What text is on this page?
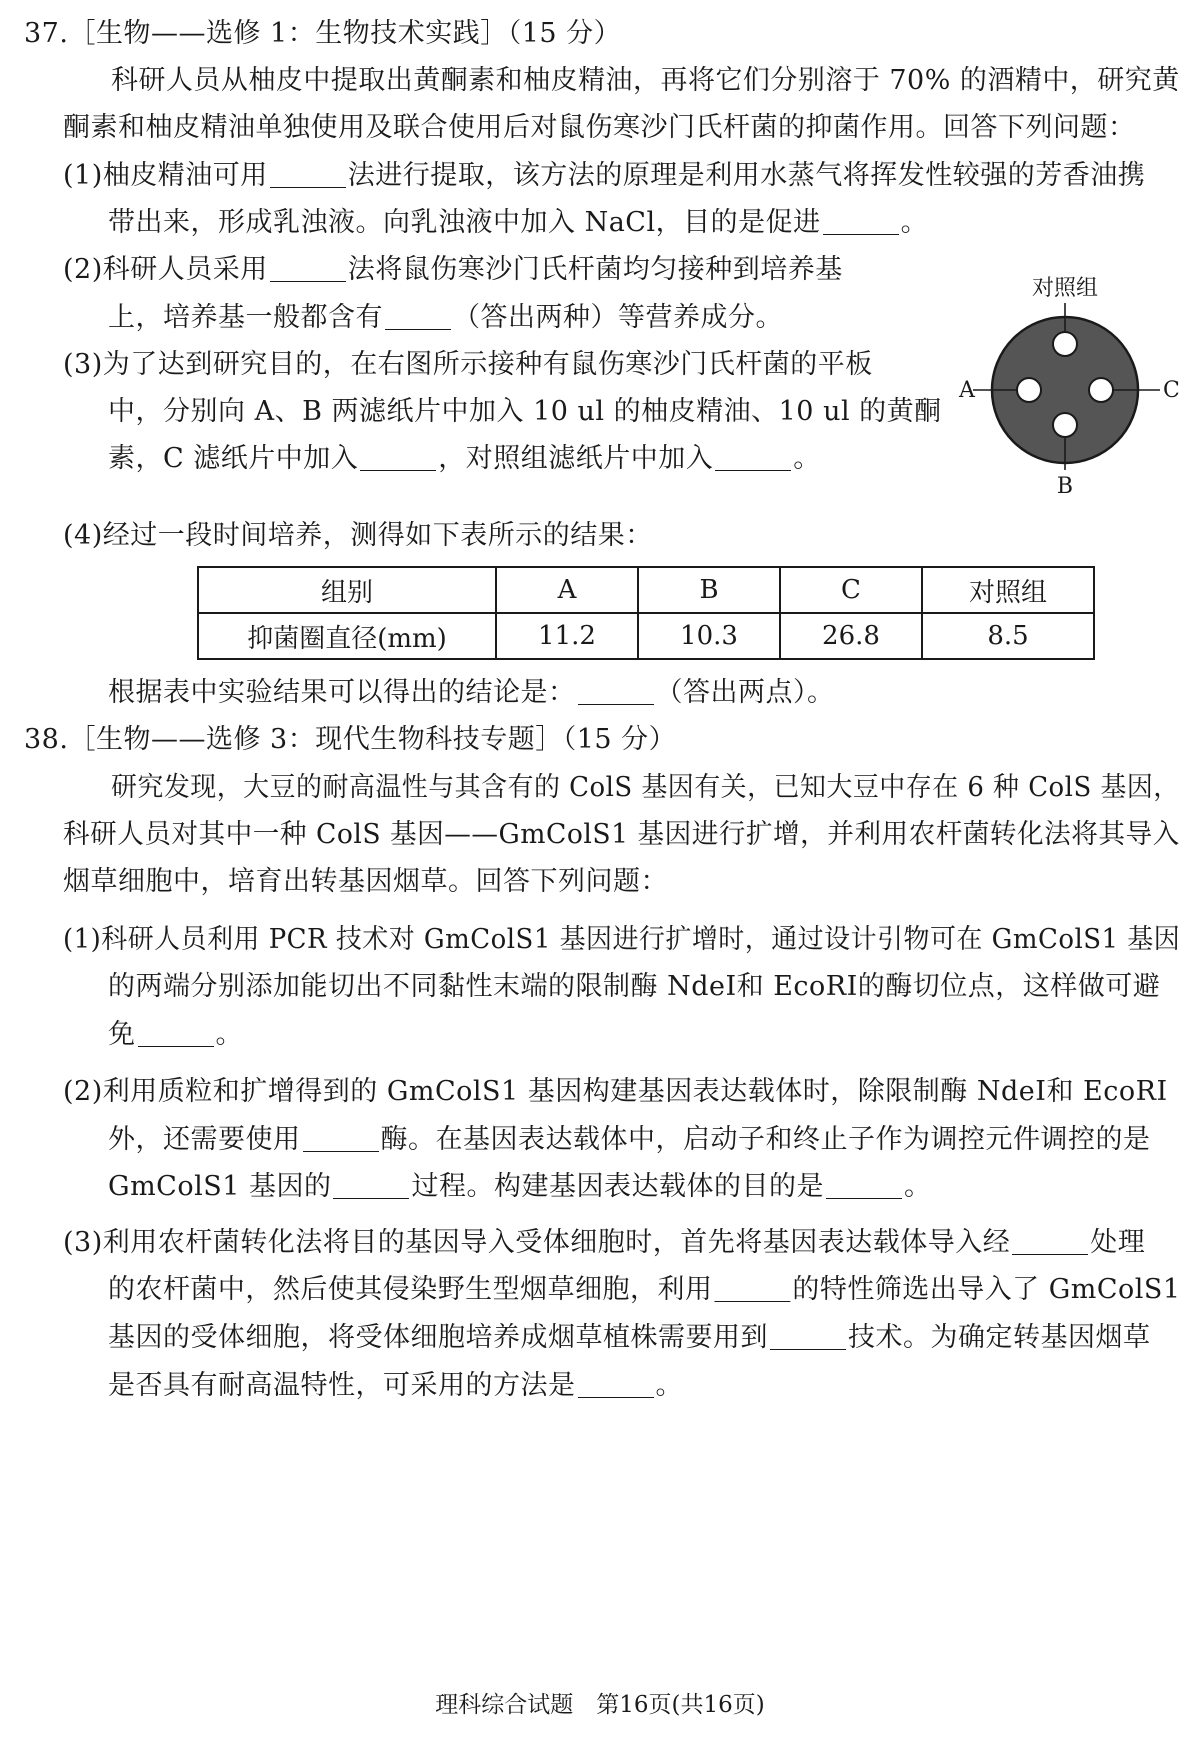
37.［生物——选修 1：生物技术实践］（15 分）
科研人员从柚皮中提取出黄酮素和柚皮精油，再将它们分别溶于 70% 的酒精中，研究黄
酮素和柚皮精油单独使用及联合使用后对鼠伤寒沙门氏杆菌的抑菌作用。回答下列问题：
(1)柚皮精油可用	法进行提取，该方法的原理是利用水蒸气将挥发性较强的芳香油携
带出来，形成乳浊液。向乳浊液中加入 NaCl，目的是促进	。
(2)科研人员采用	法将鼠伤寒沙门氏杆菌均匀接种到培养基
上，培养基一般都含有	（答出两种）等营养成分。
(3)为了达到研究目的，在右图所示接种有鼠伤寒沙门氏杆菌的平板
中，分别向 A、B 两滤纸片中加入 10 ul 的柚皮精油、10 ul 的黄酮
素，C 滤纸片中加入	，对照组滤纸片中加入	。
对照组
A	C
B
(4)经过一段时间培养，测得如下表所示的结果：
组别	A	B	C	对照组
抑菌圈直径(mm)	11.2	10.3	26.8	8.5
根据表中实验结果可以得出的结论是：	（答出两点）。
38.［生物——选修 3：现代生物科技专题］（15 分）
研究发现，大豆的耐高温性与其含有的 ColS 基因有关，已知大豆中存在 6 种 ColS 基因，
科研人员对其中一种 ColS 基因——GmColS1 基因进行扩增，并利用农杆菌转化法将其导入
烟草细胞中，培育出转基因烟草。回答下列问题：
(1)科研人员利用 PCR 技术对 GmColS1 基因进行扩增时，通过设计引物可在 GmColS1 基因
的两端分别添加能切出不同黏性末端的限制酶 NdeⅠ和 EcoRⅠ的酶切位点，这样做可避
免	。
(2)利用质粒和扩增得到的 GmColS1 基因构建基因表达载体时，除限制酶 NdeⅠ和 EcoRⅠ
外，还需要使用	酶。在基因表达载体中，启动子和终止子作为调控元件调控的是
GmColS1 基因的	过程。构建基因表达载体的目的是	。
(3)利用农杆菌转化法将目的基因导入受体细胞时，首先将基因表达载体导入经	处理
的农杆菌中，然后使其侵染野生型烟草细胞，利用	的特性筛选出导入了 GmColS1
基因的受体细胞，将受体细胞培养成烟草植株需要用到	技术。为确定转基因烟草
是否具有耐高温特性，可采用的方法是	。
理科综合试题　第16页(共16页)
